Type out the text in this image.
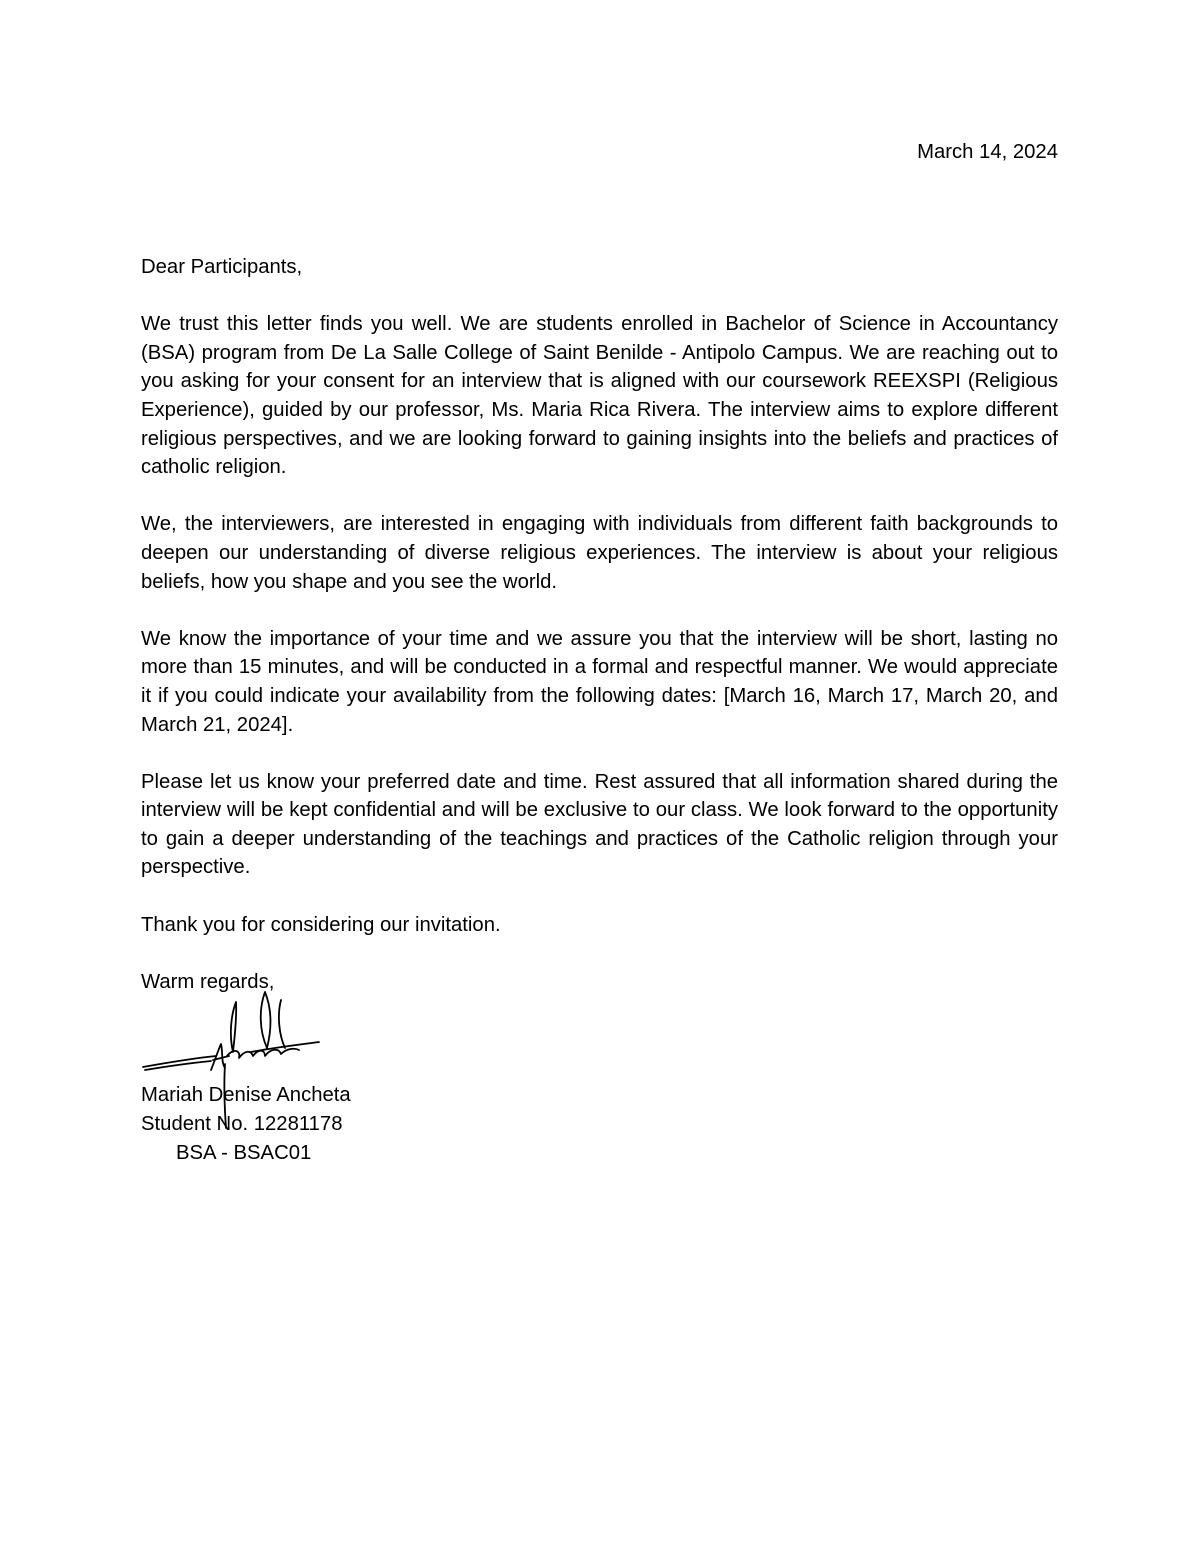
March 14, 2024

Dear Participants,

We trust this letter finds you well. We are students enrolled in Bachelor of Science in Accountancy (BSA) program from De La Salle College of Saint Benilde - Antipolo Campus. We are reaching out to you asking for your consent for an interview that is aligned with our coursework REEXSPI (Religious Experience), guided by our professor, Ms. Maria Rica Rivera. The interview aims to explore different religious perspectives, and we are looking forward to gaining insights into the beliefs and practices of catholic religion.

We, the interviewers, are interested in engaging with individuals from different faith backgrounds to deepen our understanding of diverse religious experiences. The interview is about your religious beliefs, how you shape and you see the world.

We know the importance of your time and we assure you that the interview will be short, lasting no more than 15 minutes, and will be conducted in a formal and respectful manner. We would appreciate it if you could indicate your availability from the following dates: [March 16, March 17, March 20, and March 21, 2024].

Please let us know your preferred date and time. Rest assured that all information shared during the interview will be kept confidential and will be exclusive to our class. We look forward to the opportunity to gain a deeper understanding of the teachings and practices of the Catholic religion through your perspective.

Thank you for considering our invitation.

Warm regards,

Mariah Denise Ancheta

Student No. 12281178

BSA - BSAC01
